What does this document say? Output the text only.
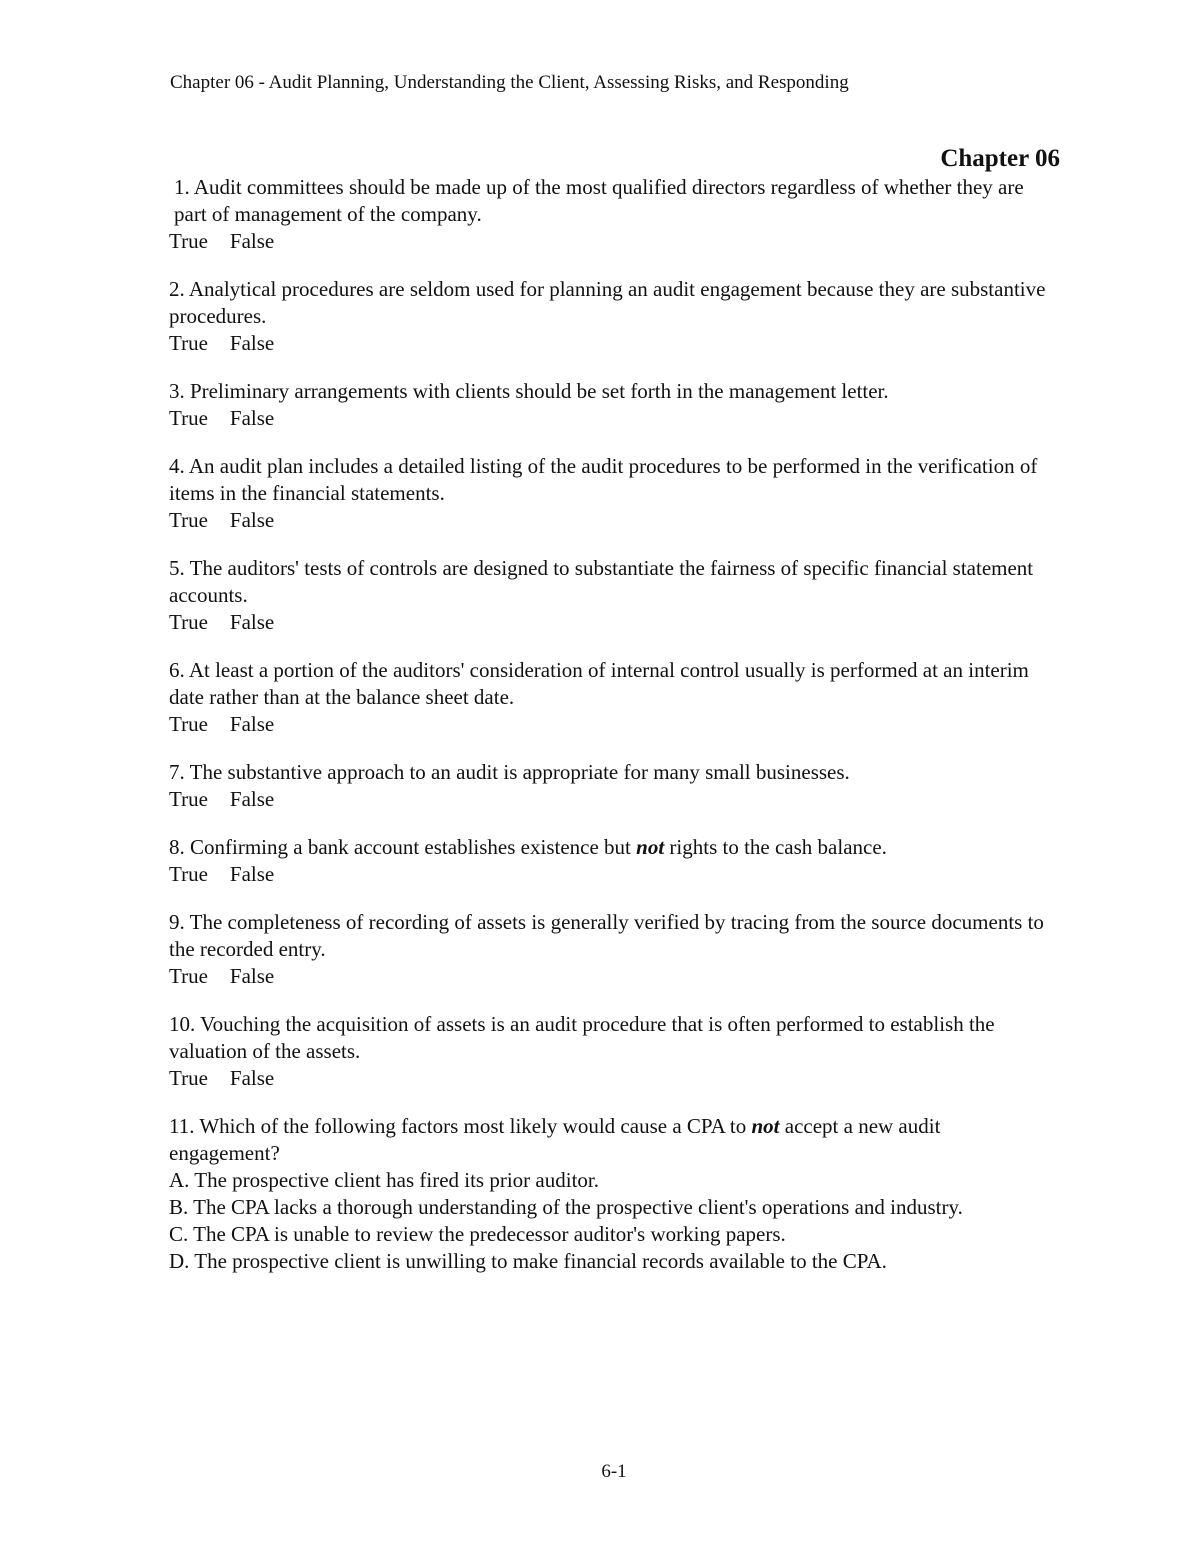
Chapter 06 - Audit Planning, Understanding the Client, Assessing Risks, and Responding
Chapter 06

1. Audit committees should be made up of the most qualified directors regardless of whether they are part of management of the company.

True False

2. Analytical procedures are seldom used for planning an audit engagement because they are substantive procedures.

True False

3. Preliminary arrangements with clients should be set forth in the management letter.

True False

4. An audit plan includes a detailed listing of the audit procedures to be performed in the verification of items in the financial statements.

True False

5. The auditors' tests of controls are designed to substantiate the fairness of specific financial statement accounts.

True False

6. At least a portion of the auditors' consideration of internal control usually is performed at an interim date rather than at the balance sheet date.

True False

7. The substantive approach to an audit is appropriate for many small businesses.

True False

8. Confirming a bank account establishes existence but not rights to the cash balance.

True False

9. The completeness of recording of assets is generally verified by tracing from the source documents to the recorded entry.

True False

10. Vouching the acquisition of assets is an audit procedure that is often performed to establish the valuation of the assets.

True False

11. Which of the following factors most likely would cause a CPA to not accept a new audit engagement?

A. The prospective client has fired its prior auditor.

B. The CPA lacks a thorough understanding of the prospective client's operations and industry.

C. The CPA is unable to review the predecessor auditor's working papers.

D. The prospective client is unwilling to make financial records available to the CPA.

6-1
